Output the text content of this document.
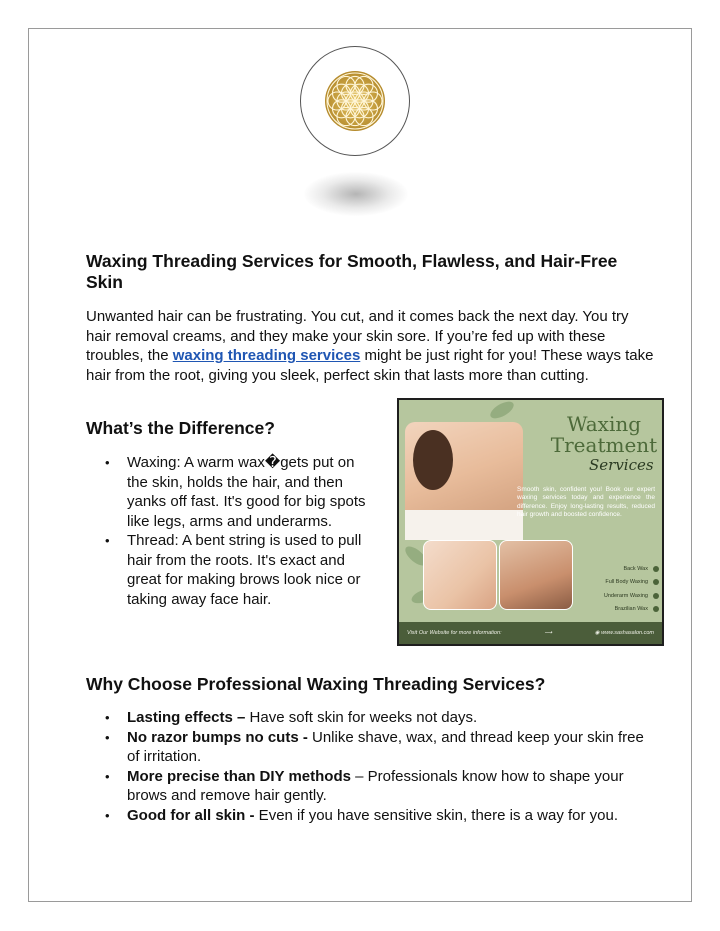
Waxing Threading Services for Smooth, Flawless, and Hair-Free Skin

Unwanted hair can be frustrating. You cut, and it comes back the next day. You try hair removal creams, and they make your skin sore. If you’re fed up with these troubles, the waxing threading services might be just right for you! These ways take hair from the root, giving you sleek, perfect skin that lasts more than cutting.

What’s the Difference?
• Waxing: A warm wax�gets put on the skin, holds the hair, and then yanks off fast. It's good for big spots like legs, arms and underarms.
• Thread: A bent string is used to pull hair from the roots. It's exact and great for making brows look nice or taking away face hair.
Waxing Treatment
Services
Smooth skin, confident you! Book our expert waxing services today and experience the difference. Enjoy long-lasting results, reduced hair growth and boosted confidence.
Back Wax
Full Body Waxing
Underarm Waxing
Brazilian Wax
Visit Our Website for more information:	⟶	◉ www.sashasalon.com
Why Choose Professional Waxing Threading Services?
• Lasting effects – Have soft skin for weeks not days.
• No razor bumps no cuts - Unlike shave, wax, and thread keep your skin free of irritation.
• More precise than DIY methods – Professionals know how to shape your brows and remove hair gently.
• Good for all skin - Even if you have sensitive skin, there is a way for you.
